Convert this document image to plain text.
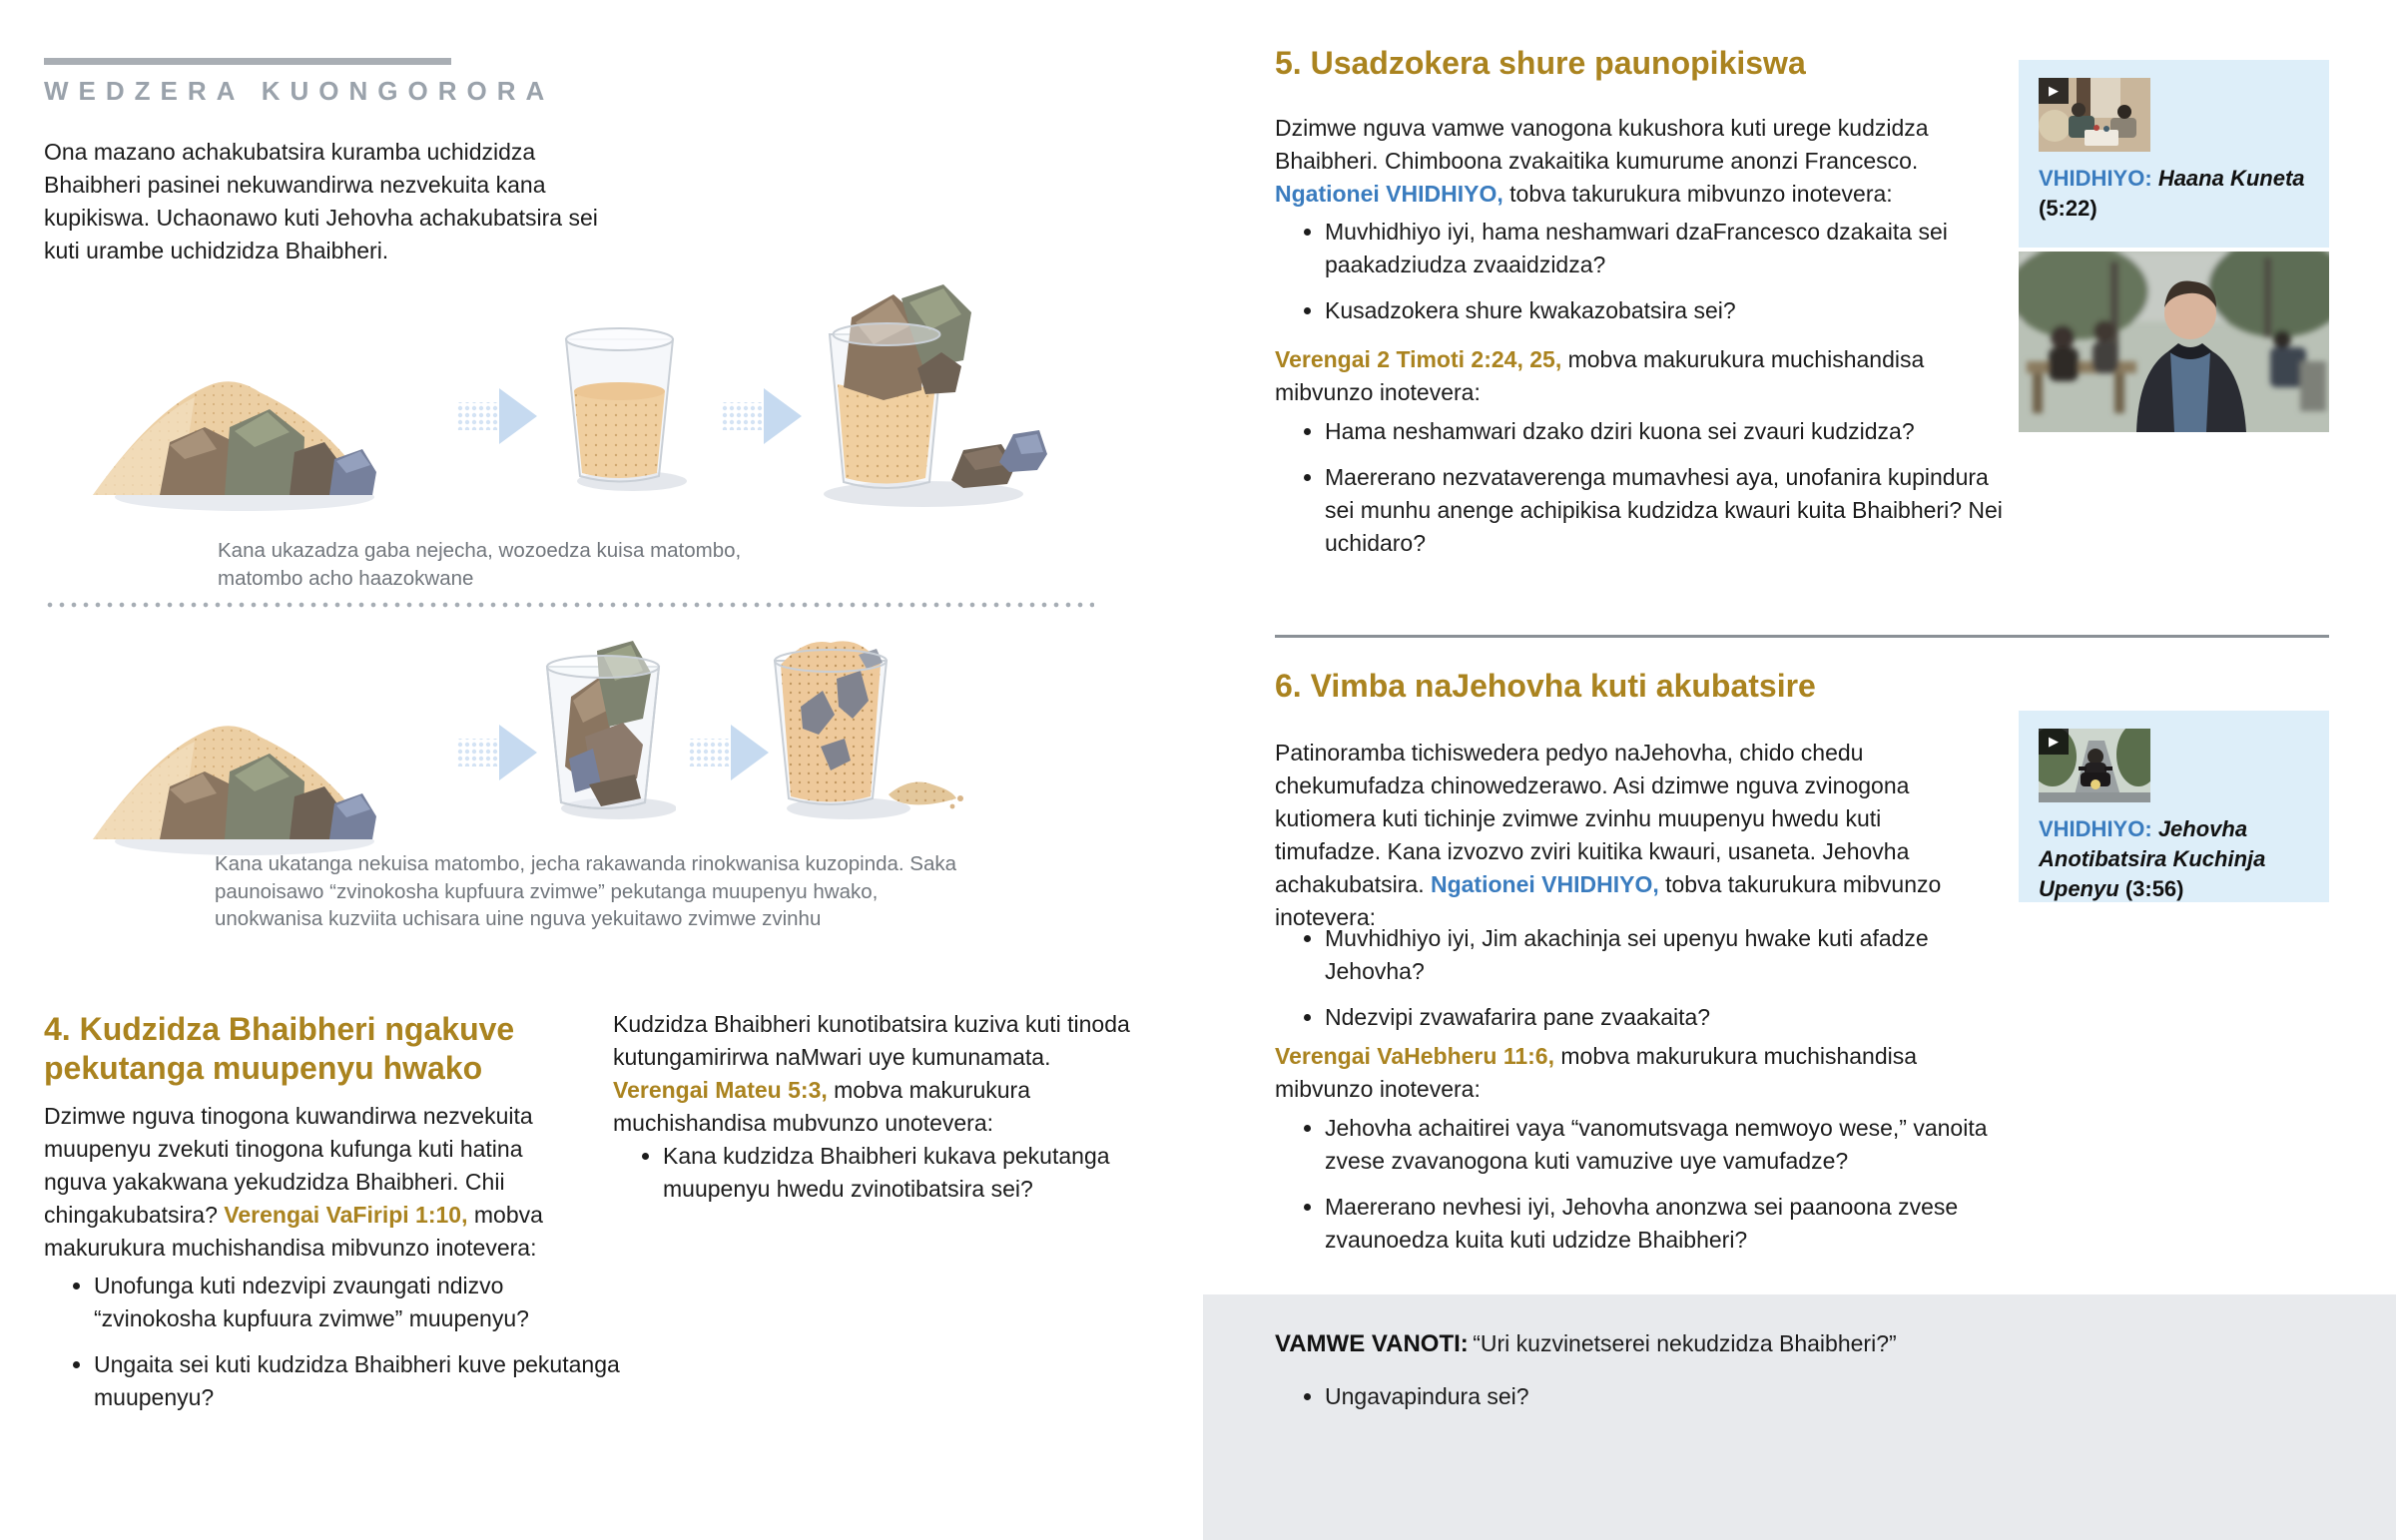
WEDZERA KUONGORORA
Ona mazano achakubatsira kuramba uchidzidza Bhaibheri pasinei nekuwandirwa nezvekuita kana kupikiswa. Uchaonawo kuti Jehovha achakubatsira sei kuti urambe uchidzidza Bhaibheri.
Kana ukazadza gaba nejecha, wozoedza kuisa matombo, matombo acho haazokwane
Kana ukatanga nekuisa matombo, jecha rakawanda rinokwanisa kuzopinda. Saka paunoisawo “zvinokosha kupfuura zvimwe” pekutanga muupenyu hwako, unokwanisa kuzviita uchisara uine nguva yekuitawo zvimwe zvinhu
4. Kudzidza Bhaibheri ngakuve pekutanga muupenyu hwako
Dzimwe nguva tinogona kuwandirwa nezvekuita muupenyu zvekuti tinogona kufunga kuti hatina nguva yakakwana yekudzidza Bhaibheri. Chii chingakubatsira? Verengai VaFiripi 1:10, mobva makurukura muchishandisa mibvunzo inotevera:
• Unofunga kuti ndezvipi zvaungati ndizvo “zvinokosha kupfuura zvimwe” muupenyu?
• Ungaita sei kuti kudzidza Bhaibheri kuve pekutanga muupenyu?
Kudzidza Bhaibheri kunotibatsira kuziva kuti tinoda kutungamirirwa naMwari uye kumunamata. Verengai Mateu 5:3, mobva makurukura muchishandisa mubvunzo unotevera:
• Kana kudzidza Bhaibheri kukava pekutanga muupenyu hwedu zvinotibatsira sei?
5. Usadzokera shure paunopikiswa
Dzimwe nguva vamwe vanogona kukushora kuti urege kudzidza Bhaibheri. Chimboona zvakaitika kumurume anonzi Francesco. Ngationei VHIDHIYO, tobva takurukura mibvunzo inotevera:
• Muvhidhiyo iyi, hama neshamwari dzaFrancesco dzakaita sei paakadziudza zvaaidzidza?
• Kusadzokera shure kwakazobatsira sei?
Verengai 2 Timoti 2:24, 25, mobva makurukura muchishandisa mibvunzo inotevera:
• Hama neshamwari dzako dziri kuona sei zvauri kudzidza?
• Maererano nezvataverenga mumavhesi aya, unofanira kupindura sei munhu anenge achipikisa kudzidza kwauri kuita Bhaibheri? Nei uchidaro?
6. Vimba naJehovha kuti akubatsire
Patinoramba tichiswedera pedyo naJehovha, chido chedu chekumufadza chinowedzerawo. Asi dzimwe nguva zvinogona kutiomera kuti tichinje zvimwe zvinhu muupenyu hwedu kuti timufadze. Kana izvozvo zviri kuitika kwauri, usaneta. Jehovha achakubatsira. Ngationei VHIDHIYO, tobva takurukura mibvunzo inotevera:
• Muvhidhiyo iyi, Jim akachinja sei upenyu hwake kuti afadze Jehovha?
• Ndezvipi zvawafarira pane zvaakaita?
Verengai VaHebheru 11:6, mobva makurukura muchishandisa mibvunzo inotevera:
• Jehovha achaitirei vaya “vanomutsvaga nemwoyo wese,” vanoita zvese zvavanogona kuti vamuzive uye vamufadze?
• Maererano nevhesi iyi, Jehovha anonzwa sei paanoona zvese zvaunoedza kuita kuti udzidze Bhaibheri?
▶
VHIDHIYO: Haana Kuneta (5:22)
▶
VHIDHIYO: Jehovha Anotibatsira Kuchinja Upenyu (3:56)
VAMWE VANOTI: “Uri kuzvinetserei nekudzidza Bhaibheri?”
• Ungavapindura sei?
